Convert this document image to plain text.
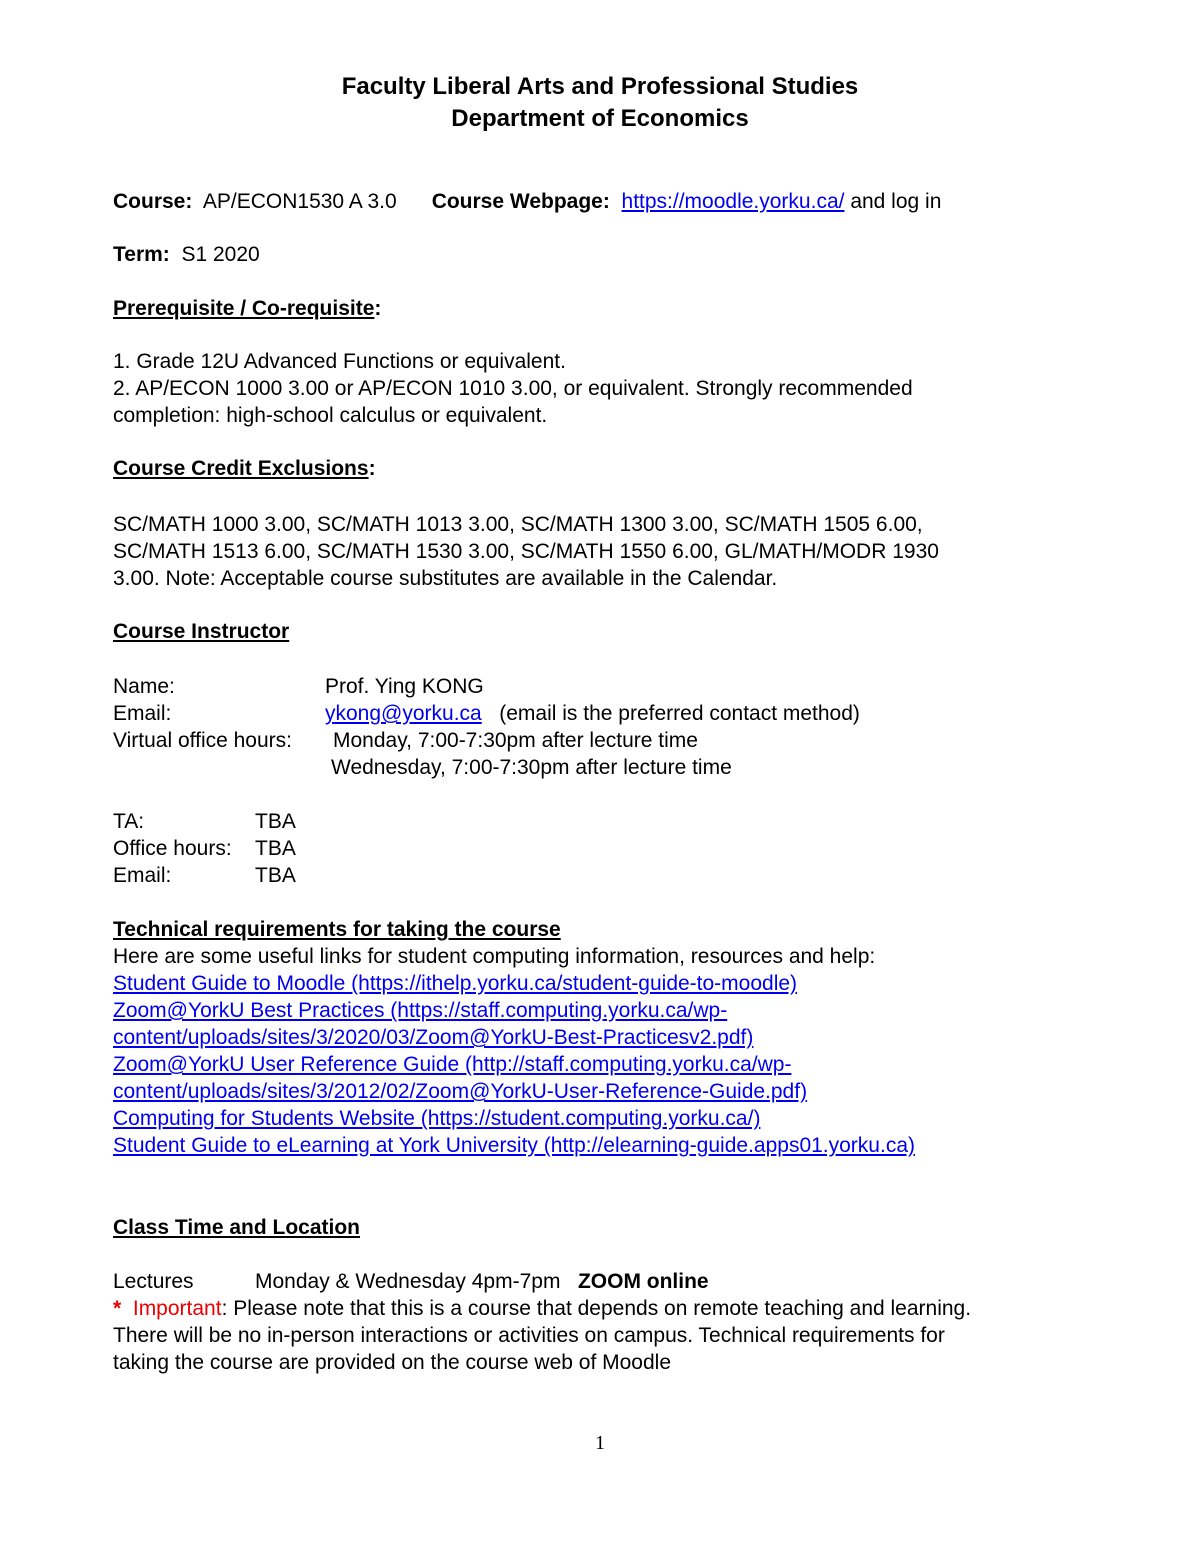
Faculty Liberal Arts and Professional Studies
Department of Economics
Course: AP/ECON1530 A 3.0 Course Webpage: https://moodle.yorku.ca/ and log in
Term: S1 2020
Prerequisite / Co-requisite:
1. Grade 12U Advanced Functions or equivalent.
2. AP/ECON 1000 3.00 or AP/ECON 1010 3.00, or equivalent. Strongly recommended
completion: high-school calculus or equivalent.
Course Credit Exclusions:
SC/MATH 1000 3.00, SC/MATH 1013 3.00, SC/MATH 1300 3.00, SC/MATH 1505 6.00,
SC/MATH 1513 6.00, SC/MATH 1530 3.00, SC/MATH 1550 6.00, GL/MATH/MODR 1930
3.00. Note: Acceptable course substitutes are available in the Calendar.
Course Instructor
Name:	Prof. Ying KONG
Email:	ykong@yorku.ca (email is the preferred contact method)
Virtual office hours: Monday, 7:00-7:30pm after lecture time
Wednesday, 7:00-7:30pm after lecture time
TA:	TBA
Office hours: TBA
Email:	TBA
Technical requirements for taking the course
Here are some useful links for student computing information, resources and help:
Student Guide to Moodle (https://ithelp.yorku.ca/student-guide-to-moodle)
Zoom@YorkU Best Practices (https://staff.computing.yorku.ca/wp-
content/uploads/sites/3/2020/03/Zoom@YorkU-Best-Practicesv2.pdf)
Zoom@YorkU User Reference Guide (http://staff.computing.yorku.ca/wp-
content/uploads/sites/3/2012/02/Zoom@YorkU-User-Reference-Guide.pdf)
Computing for Students Website (https://student.computing.yorku.ca/)
Student Guide to eLearning at York University (http://elearning-guide.apps01.yorku.ca)
Class Time and Location
Lectures	Monday & Wednesday 4pm-7pm ZOOM online
* Important: Please note that this is a course that depends on remote teaching and learning.
There will be no in-person interactions or activities on campus. Technical requirements for
taking the course are provided on the course web of Moodle
1
